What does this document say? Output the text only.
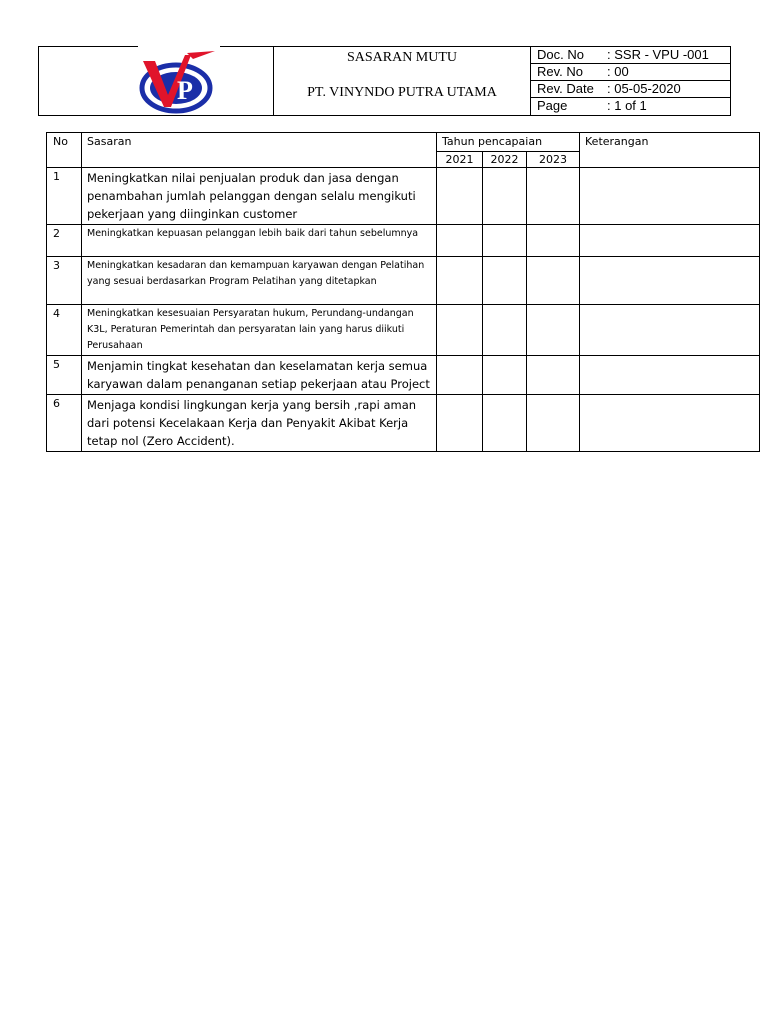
P

SASARAN MUTU
PT. VINYNDO PUTRA UTAMA

Doc. No	: SSR - VPU -001
Rev. No	: 00
Rev. Date	: 05-05-2020
Page	: 1 of 1
No	Sasaran	Tahun pencapaian			Keterangan
		2021	2022	2023	
1	Meningkatkan nilai penjualan produk dan jasa dengan penambahan jumlah pelanggan dengan selalu mengikuti pekerjaan yang diinginkan customer				
2	Meningkatkan kepuasan pelanggan lebih baik dari tahun sebelumnya				
3	Meningkatkan kesadaran dan kemampuan karyawan dengan Pelatihan yang sesuai berdasarkan Program Pelatihan yang ditetapkan				
4	Meningkatkan kesesuaian Persyaratan hukum, Perundang-undangan K3L, Peraturan Pemerintah dan persyaratan lain yang harus diikuti Perusahaan				
5	Menjamin tingkat kesehatan dan keselamatan kerja semua karyawan dalam penanganan setiap pekerjaan atau Project				
6	Menjaga kondisi lingkungan kerja yang bersih ,rapi aman dari potensi Kecelakaan Kerja dan Penyakit Akibat Kerja tetap nol (Zero Accident).				
